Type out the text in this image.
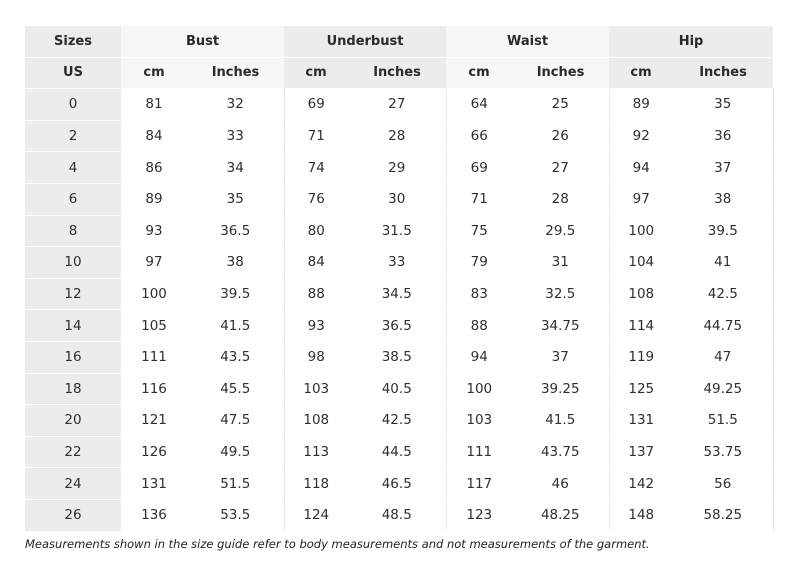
Sizes	Bust		Underbust		Waist		Hip	
US	cm	Inches	cm	Inches	cm	Inches	cm	Inches
0	81	32	69	27	64	25	89	35
2	84	33	71	28	66	26	92	36
4	86	34	74	29	69	27	94	37
6	89	35	76	30	71	28	97	38
8	93	36.5	80	31.5	75	29.5	100	39.5
10	97	38	84	33	79	31	104	41
12	100	39.5	88	34.5	83	32.5	108	42.5
14	105	41.5	93	36.5	88	34.75	114	44.75
16	111	43.5	98	38.5	94	37	119	47
18	116	45.5	103	40.5	100	39.25	125	49.25
20	121	47.5	108	42.5	103	41.5	131	51.5
22	126	49.5	113	44.5	111	43.75	137	53.75
24	131	51.5	118	46.5	117	46	142	56
26	136	53.5	124	48.5	123	48.25	148	58.25
Measurements shown in the size guide refer to body measurements and not measurements of the garment.
